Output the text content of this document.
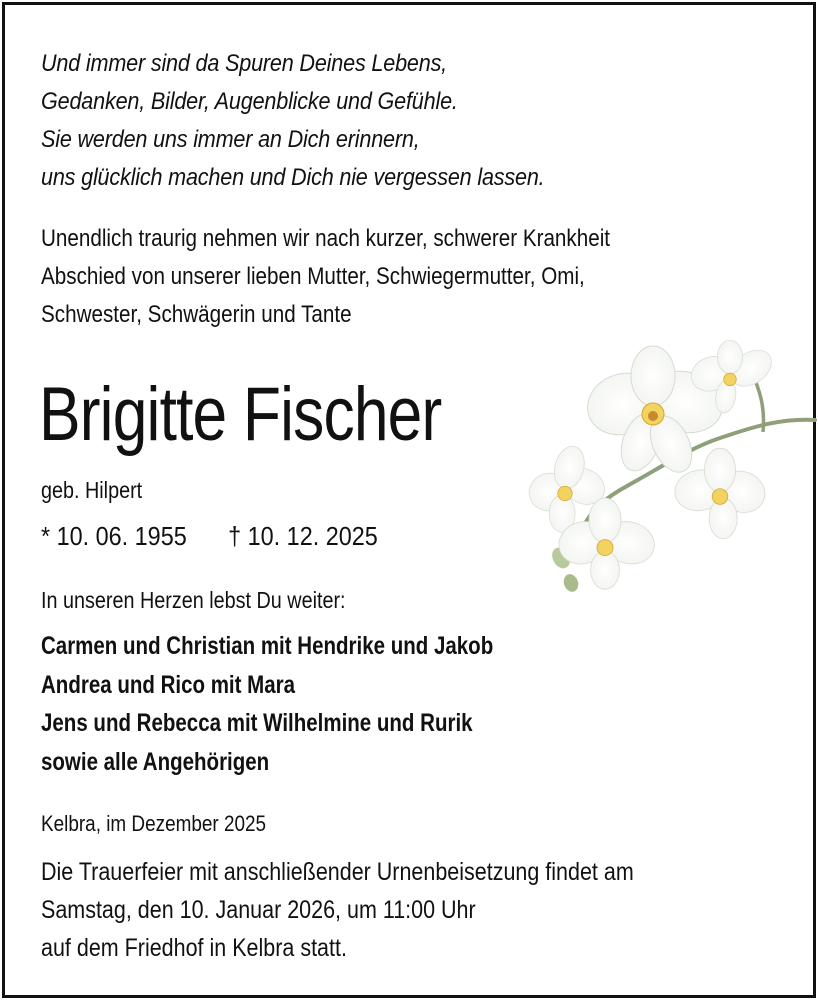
Und immer sind da Spuren Deines Lebens,
Gedanken, Bilder, Augenblicke und Gefühle.
Sie werden uns immer an Dich erinnern,
uns glücklich machen und Dich nie vergessen lassen.
Unendlich traurig nehmen wir nach kurzer, schwerer Krankheit
Abschied von unserer lieben Mutter, Schwiegermutter, Omi,
Schwester, Schwägerin und Tante
Brigitte Fischer
geb. Hilpert
* 10. 06. 1955 † 10. 12. 2025
In unseren Herzen lebst Du weiter:
Carmen und Christian mit Hendrike und Jakob
Andrea und Rico mit Mara
Jens und Rebecca mit Wilhelmine und Rurik
sowie alle Angehörigen
Kelbra, im Dezember 2025
Die Trauerfeier mit anschließender Urnenbeisetzung findet am
Samstag, den 10. Januar 2026, um 11:00 Uhr
auf dem Friedhof in Kelbra statt.
